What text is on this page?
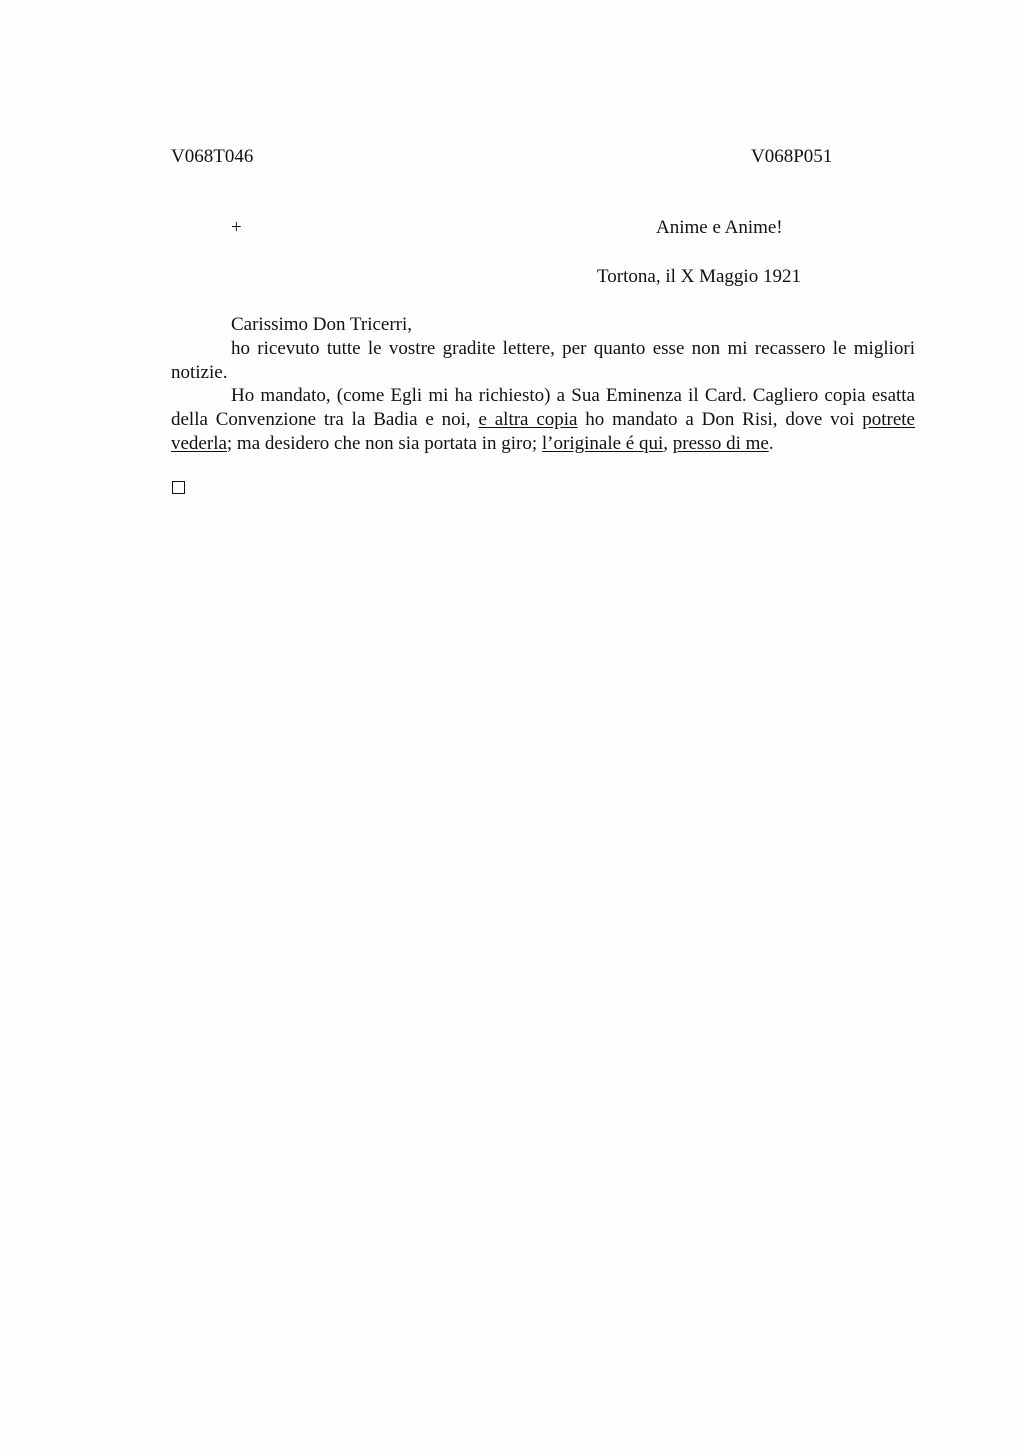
V068T046	V068P051
+	Anime e Anime!
Tortona, il X Maggio 1921

Carissimo Don Tricerri,

ho ricevuto tutte le vostre gradite lettere, per quanto esse non mi recassero le migliori notizie.

Ho mandato, (come Egli mi ha richiesto) a Sua Eminenza il Card. Cagliero copia esatta della Convenzione tra la Badia e noi, e altra copia ho mandato a Don Risi, dove voi potrete vederla; ma desidero che non sia portata in giro; l’originale é qui, presso di me.
